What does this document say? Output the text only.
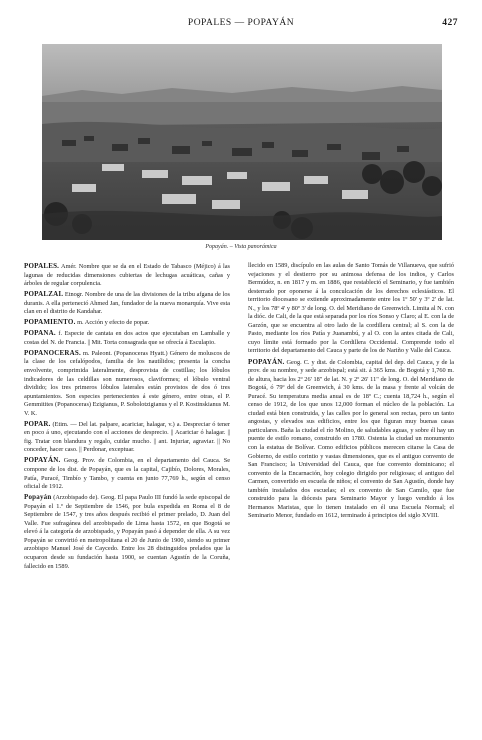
POPALES — POPAYÁN	427
Popayán. – Vista panorámica

POPALES. Amér. Nombre que se da en el Estado de Tabasco (Méjico) á las lagunas de reducidas dimensiones cubiertas de lechugas acuáticas, cañas y árboles de regular corpulencia.

POPALZAI. Etnogr. Nombre de una de las divisiones de la tribu afgana de los duranis. A ella perteneció Ahmed Jan, fundador de la nueva monarquía. Vive esta clan en el distrito de Kandahar.

POPAMIENTO. m. Acción y efecto de popar.

POPANA. f. Especie de cantata en dos actos que ejecutaban en Lamballe y costas del N. de Francia. || Mit. Torta consagrada que se ofrecía á Esculapio.

POPANOCERAS. m. Paleont. (Popanoceras Hyatt.) Género de moluscos de la clase de los cefalópodos, familia de los nautílidos; presenta la concha envolvente, comprimida lateralmente, desprovista de costillas; los lóbulos indicadores de las celdillas son numerosos, claviformes; el lóbulo ventral dividido; los tres primeros lóbulos laterales están provistos de dos ó tres apuntamientos. Son especies pertenecientes á este género, entre otras, el P. Gemmitites (Popanoceras) Ezigianus, P. Sobolotzigianus y el P. Kostinskianus M. V. K.

POPAR. (Etim. — Del lat. palpare, acariciar, halagar, v.) a. Despreciar ó tener en poco á uno, ejecutando con el acciones de desprecio. || Acariciar ó halagar. || fig. Tratar con blandura y regalo, cuidar mucho. || ant. Injuriar, agraviar. || No conceder, hacer caso. || Perdonar, exceptuar.

POPAYÁN. Geog. Prov. de Colombia, en el departamento del Cauca. Se compone de los dist. de Popayán, que es la capital, Cajibío, Dolores, Morales, Patía, Puracé, Timbío y Tambo, y cuenta en junto 77,769 h., según el censo oficial de 1912.

Popayán (Arzobispado de). Geog. El papa Paulo III fundó la sede episcopal de Popayán el 1.º de Septiembre de 1546, por bula expedida en Roma el 8 de Septiembre de 1547, y tres años después recibió el primer prelado, D. Juan del Valle. Fue sufragánea del arzobispado de Lima hasta 1572, en que Bogotá se elevó á la categoría de arzobispado, y Popayán pasó á depender de ella. A su vez Popayán se convirtió en metropolitana el 20 de Junio de 1900, siendo su primer arzobispo Manuel José de Caycedo. Entre los 28 distinguidos prelados que la ocuparon desde su fundación hasta 1900, se cuentan Agustín de la Coruña, fallecido en 1589.

llecido en 1589, discípulo en las aulas de Santo Tomás de Villanueva, que sufrió vejaciones y el destierro por su animosa defensa de los indios, y Carlos Bermúdez, n. en 1817 y m. en 1886, que restableció el Seminario, y fue también desterrado por oponerse á la conculcación de los derechos eclesiásticos. El territorio diocesano se extiende aproximadamente entre los 1º 50' y 3º 2' de lat. N., y los 78º 4' y 80º 3' de long. O. del Meridiano de Greenwich. Limita al N. con la dióc. de Cali, de la que está separada por los ríos Sonso y Claro; al E. con la de Garzón, que se encuentra al otro lado de la cordillera central; al S. con la de Pasto, mediante los ríos Patía y Juanambú, y al O. con la antes citada de Cali, cuyo límite está formado por la Cordillera Occidental. Comprende todo el territorio del departamento del Cauca y parte de los de Nariño y Valle del Cauca.

POPAYÁN. Geog. C. y dist. de Colombia, capital del dep. del Cauca, y de la prov. de su nombre, y sede arzobispal; está sit. á 365 kms. de Bogotá y 1,760 m. de altura, hacia los 2º 26' 18" de lat. N. y 2º 26' 11" de long. O. del Meridiano de Bogotá, ó 79º del de Greenwich, á 30 kms. de la masa y frente al volcán de Puracé. Su temperatura media anual es de 18º C.; cuenta 18,724 h., según el censo de 1912, de los que unos 12,000 forman el núcleo de la población. La ciudad está bien construida, y las calles por lo general son rectas, pero un tanto angostas, y elevados sus edificios, entre los que figuran muy buenas casas particulares. Baña la ciudad el río Molino, de saludables aguas, y sobre él hay un puente de estilo romano, construido en 1780. Ostenta la ciudad un monumento con la estatua de Bolívar. Como edificios públicos merecen citarse la Casa de Gobierno, de estilo corintio y vastas dimensiones, que es el antiguo convento de San Francisco; la Universidad del Cauca, que fue convento dominicano; el convento de la Encarnación, hoy colegio dirigido por religiosas; el antiguo del Carmen, convertido en escuela de niños; el convento de San Agustín, donde hay también instalados dos escuelas; el ex convento de San Camilo, que fue construido para la diócesis para Seminario Mayor y luego vendido á los Hermanos Maristas, que lo tienen instalado en él una Escuela Normal; el Seminario Menor, fundado en 1612, terminado á principios del siglo XVIII.
